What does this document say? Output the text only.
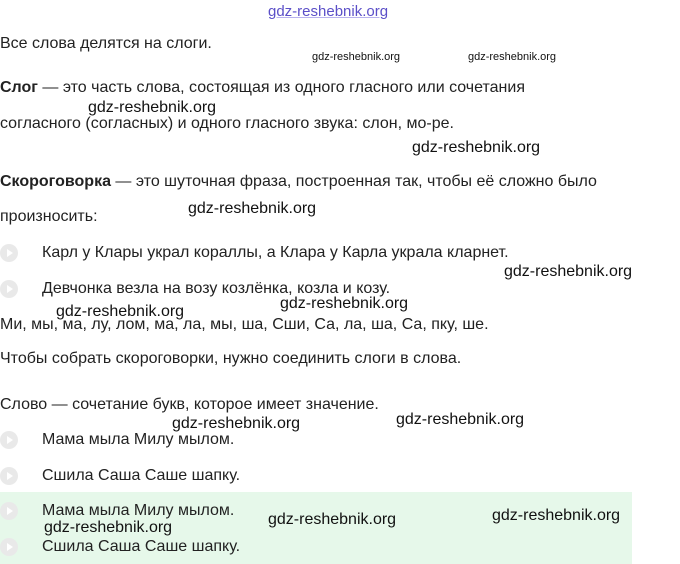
gdz-reshebnik.org
Все слова делятся на слоги.
gdz-reshebnik.org	gdz-reshebnik.org
Слог — это часть слова, состоящая из одного гласного или сочетания
gdz-reshebnik.org
согласного (согласных) и одного гласного звука: слон, мо-ре.
gdz-reshebnik.org
Скороговорка — это шуточная фраза, построенная так, чтобы её сложно было
gdz-reshebnik.org
произносить:
Карл у Клары украл кораллы, а Клара у Карла украла кларнет.
gdz-reshebnik.org
Девчонка везла на возу козлёнка, козла и козу.
gdz-reshebnik.org
gdz-reshebnik.org
Ми, мы, ма, лу, лом, ма, ла, мы, ша, Сши, Са, ла, ша, Са, пку, ше.
Чтобы собрать скороговорки, нужно соединить слоги в слова.
Слово — сочетание букв, которое имеет значение.
gdz-reshebnik.org
gdz-reshebnik.org
Мама мыла Милу мылом.
Сшила Саша Саше шапку.
Мама мыла Милу мылом.
gdz-reshebnik.org	gdz-reshebnik.org
gdz-reshebnik.org
Сшила Саша Саше шапку.
